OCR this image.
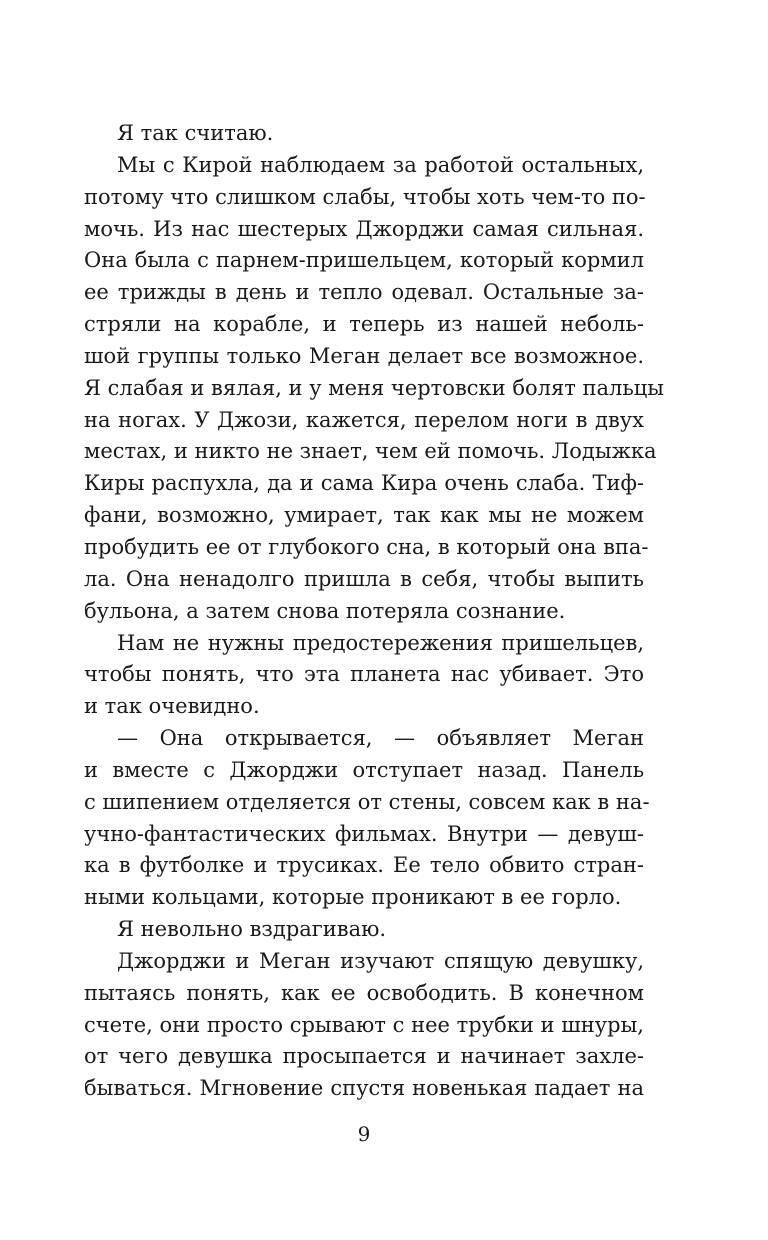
Я так считаю.
Мы с Кирой наблюдаем за работой остальных,
потому что слишком слабы, чтобы хоть чем-то по-
мочь. Из нас шестерых Джорджи самая сильная.
Она была с парнем-пришельцем, который кормил
ее трижды в день и тепло одевал. Остальные за-
стряли на корабле, и теперь из нашей неболь-
шой группы только Меган делает все возможное.
Я слабая и вялая, и у меня чертовски болят пальцы
на ногах. У Джози, кажется, перелом ноги в двух
местах, и никто не знает, чем ей помочь. Лодыжка
Киры распухла, да и сама Кира очень слаба. Тиф-
фани, возможно, умирает, так как мы не можем
пробудить ее от глубокого сна, в который она впа-
ла. Она ненадолго пришла в себя, чтобы выпить
бульона, а затем снова потеряла сознание.
Нам не нужны предостережения пришельцев,
чтобы понять, что эта планета нас убивает. Это
и так очевидно.
— Она открывается, — объявляет Меган
и вместе с Джорджи отступает назад. Панель
с шипением отделяется от стены, совсем как в на-
учно-фантастических фильмах. Внутри — девуш-
ка в футболке и трусиках. Ее тело обвито стран-
ными кольцами, которые проникают в ее горло.
Я невольно вздрагиваю.
Джорджи и Меган изучают спящую девушку,
пытаясь понять, как ее освободить. В конечном
счете, они просто срывают с нее трубки и шнуры,
от чего девушка просыпается и начинает захле-
бываться. Мгновение спустя новенькая падает на
9
